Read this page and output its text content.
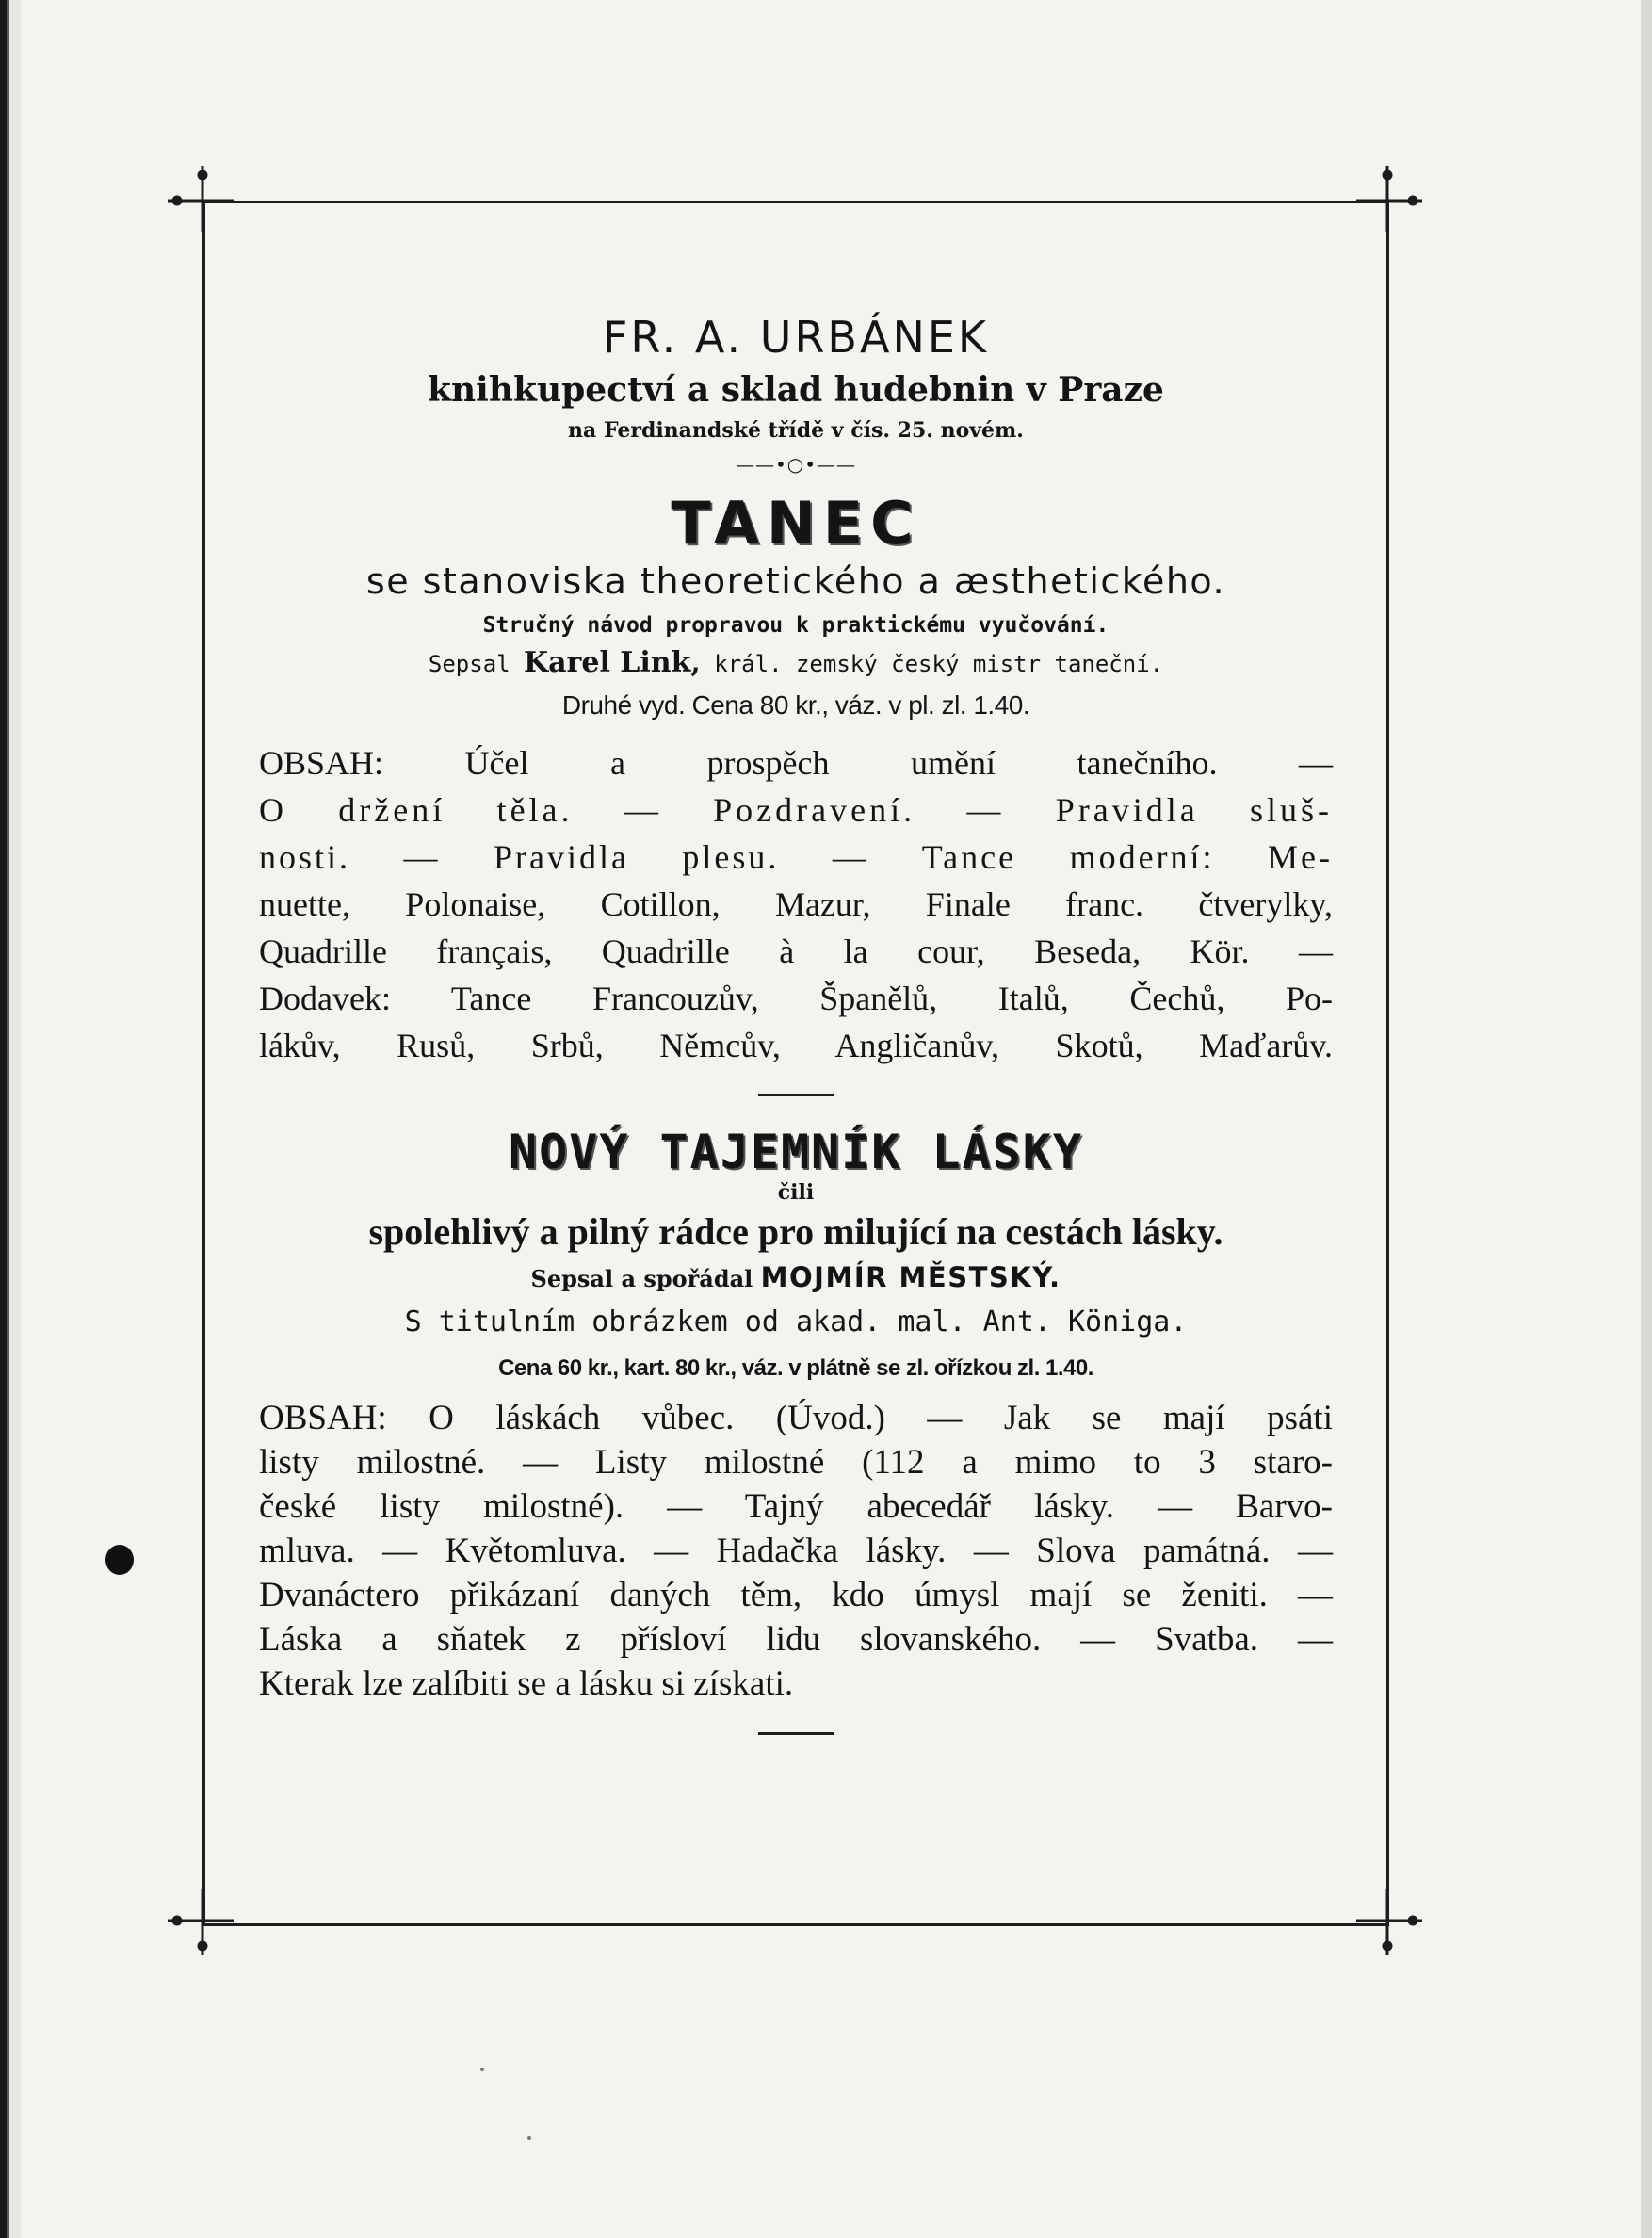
FR. A. URBÁNEK
knihkupectví a sklad hudebnin v Praze
na Ferdinandské třídě v čís. 25. novém.
——•○•——
TANEC
se stanoviska theoretického a æsthetického.
Stručný návod propravou k praktickému vyučování.
Sepsal Karel Link, král. zemský český mistr taneční.
Druhé vyd. Cena 80 kr., váz. v pl. zl. 1.40.
OBSAH: Účel a prospěch umění tanečního. —
O držení těla. — Pozdravení. — Pravidla sluš-
nosti. — Pravidla plesu. — Tance moderní: Me-
nuette, Polonaise, Cotillon, Mazur, Finale franc. čtverylky,
Quadrille français, Quadrille à la cour, Beseda, Kör. —
Dodavek: Tance Francouzův, Španělů, Italů, Čechů, Po-
lákův, Rusů, Srbů, Němcův, Angličanův, Skotů, Maďarův.
NOVÝ TAJEMNÍK LÁSKY
čili
spolehlivý a pilný rádce pro milující na cestách lásky.
Sepsal a spořádal MOJMÍR MĚSTSKÝ.
S titulním obrázkem od akad. mal. Ant. Königa.
Cena 60 kr., kart. 80 kr., váz. v plátně se zl. ořízkou zl. 1.40.
OBSAH: O láskách vůbec. (Úvod.) — Jak se mají psáti
listy milostné. — Listy milostné (112 a mimo to 3 staro-
české listy milostné). — Tajný abecedář lásky. — Barvo-
mluva. — Květomluva. — Hadačka lásky. — Slova památná. —
Dvanáctero přikázaní daných těm, kdo úmysl mají se ženiti. —
Láska a sňatek z přísloví lidu slovanského. — Svatba. —
Kterak lze zalíbiti se a lásku si získati.
